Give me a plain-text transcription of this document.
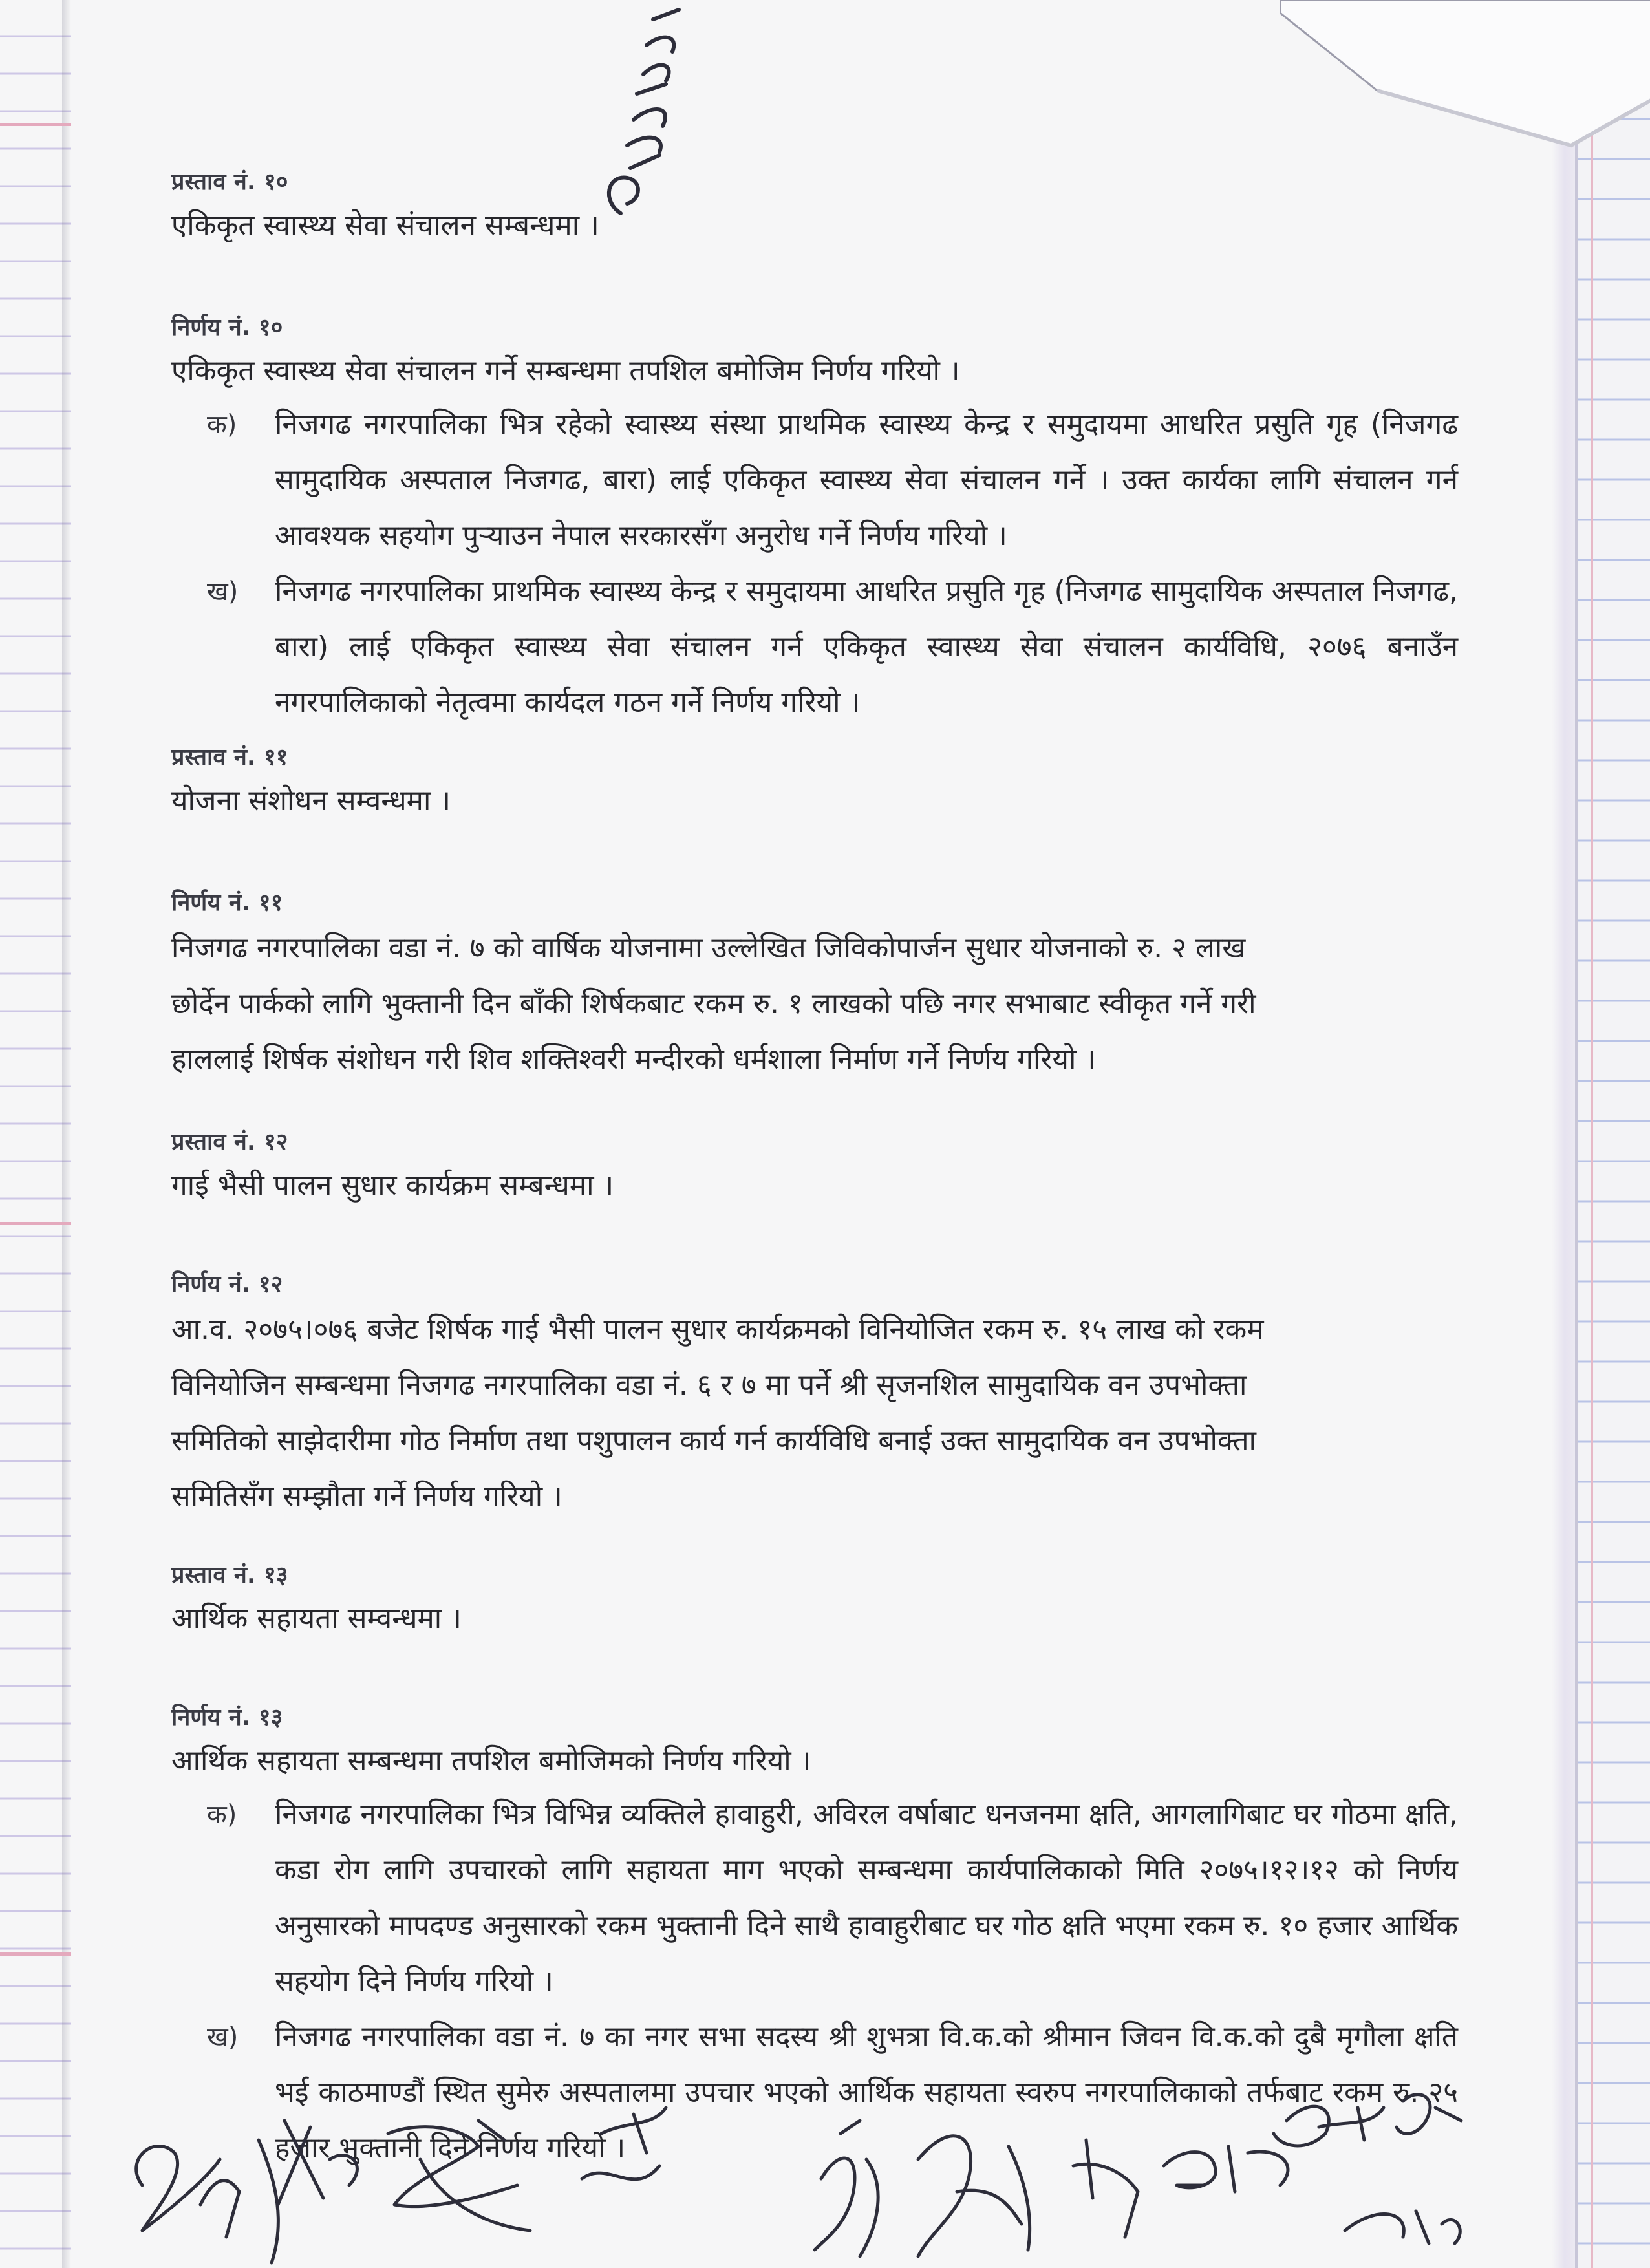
प्रस्ताव नं. १०

एकिकृत स्वास्थ्य सेवा संचालन सम्बन्धमा ।

निर्णय नं. १०

एकिकृत स्वास्थ्य सेवा संचालन गर्ने सम्बन्धमा तपशिल बमोजिम निर्णय गरियो ।

क) निजगढ नगरपालिका भित्र रहेको स्वास्थ्य संस्था प्राथमिक स्वास्थ्य केन्द्र र समुदायमा आधरित प्रसुति गृह (निजगढ सामुदायिक अस्पताल निजगढ, बारा) लाई एकिकृत स्वास्थ्य सेवा संचालन गर्ने । उक्त कार्यका लागि संचालन गर्न आवश्यक सहयोग पुऱ्याउन नेपाल सरकारसँग अनुरोध गर्ने निर्णय गरियो ।

ख) निजगढ नगरपालिका प्राथमिक स्वास्थ्य केन्द्र र समुदायमा आधरित प्रसुति गृह (निजगढ सामुदायिक अस्पताल निजगढ, बारा) लाई एकिकृत स्वास्थ्य सेवा संचालन गर्न एकिकृत स्वास्थ्य सेवा संचालन कार्यविधि, २०७६ बनाउँन नगरपालिकाको नेतृत्वमा कार्यदल गठन गर्ने निर्णय गरियो ।

प्रस्ताव नं. ११

योजना संशोधन सम्वन्धमा ।

निर्णय नं. ११

निजगढ नगरपालिका वडा नं. ७ को वार्षिक योजनामा उल्लेखित जिविकोपार्जन सुधार योजनाको रु. २ लाख

छोर्देन पार्कको लागि भुक्तानी दिन बाँकी शिर्षकबाट रकम रु. १ लाखको पछि नगर सभाबाट स्वीकृत गर्ने गरी

हाललाई शिर्षक संशोधन गरी शिव शक्तिश्वरी मन्दीरको धर्मशाला निर्माण गर्ने निर्णय गरियो ।

प्रस्ताव नं. १२

गाई भैसी पालन सुधार कार्यक्रम सम्बन्धमा ।

निर्णय नं. १२

आ.व. २०७५।०७६ बजेट शिर्षक गाई भैसी पालन सुधार कार्यक्रमको विनियोजित रकम रु. १५ लाख को रकम

विनियोजिन सम्बन्धमा निजगढ नगरपालिका वडा नं. ६ र ७ मा पर्ने श्री सृजनशिल सामुदायिक वन उपभोक्ता

समितिको साझेदारीमा गोठ निर्माण तथा पशुपालन कार्य गर्न कार्यविधि बनाई उक्त सामुदायिक वन उपभोक्ता

समितिसँग सम्झौता गर्ने निर्णय गरियो ।

प्रस्ताव नं. १३

आर्थिक सहायता सम्वन्धमा ।

निर्णय नं. १३

आर्थिक सहायता सम्बन्धमा तपशिल बमोजिमको निर्णय गरियो ।

क) निजगढ नगरपालिका भित्र विभिन्न व्यक्तिले हावाहुरी, अविरल वर्षाबाट धनजनमा क्षति, आगलागिबाट घर गोठमा क्षति, कडा रोग लागि उपचारको लागि सहायता माग भएको सम्बन्धमा कार्यपालिकाको मिति २०७५।१२।१२ को निर्णय अनुसारको मापदण्ड अनुसारको रकम भुक्तानी दिने साथै हावाहुरीबाट घर गोठ क्षति भएमा रकम रु. १० हजार आर्थिक सहयोग दिने निर्णय गरियो ।

ख) निजगढ नगरपालिका वडा नं. ७ का नगर सभा सदस्य श्री शुभत्रा वि.क.को श्रीमान जिवन वि.क.को दुबै मृगौला क्षति भई काठमाण्डौं स्थित सुमेरु अस्पतालमा उपचार भएको आर्थिक सहायता स्वरुप नगरपालिकाको तर्फबाट रकम रु. २५ हजार भुक्तानी दिने निर्णय गरियो ।
